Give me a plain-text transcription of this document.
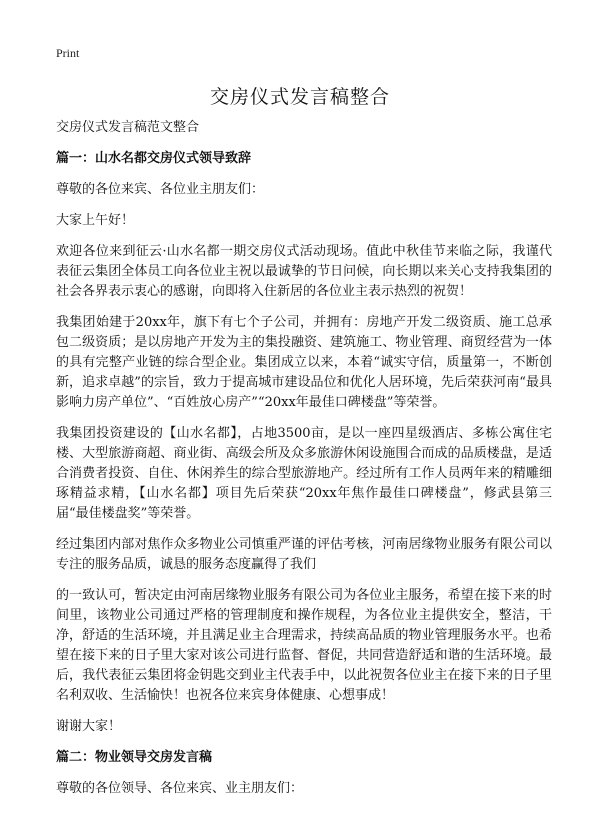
Print
交房仪式发言稿整合

交房仪式发言稿范文整合

篇一：山水名都交房仪式领导致辞

尊敬的各位来宾、各位业主朋友们：

大家上午好！

欢迎各位来到征云·山水名都一期交房仪式活动现场。值此中秋佳节来临之际，我谨代表征云集团全体员工向各位业主祝以最诚挚的节日问候，向长期以来关心支持我集团的社会各界表示衷心的感谢，向即将入住新居的各位业主表示热烈的祝贺！

我集团始建于20xx年，旗下有七个子公司，并拥有：房地产开发二级资质、施工总承包二级资质；是以房地产开发为主的集投融资、建筑施工、物业管理、商贸经营为一体的具有完整产业链的综合型企业。集团成立以来，本着“诚实守信，质量第一，不断创新，追求卓越”的宗旨，致力于提高城市建设品位和优化人居环境，先后荣获河南“最具影响力房产单位”、“百姓放心房产”“20xx年最佳口碑楼盘”等荣誉。

我集团投资建设的【山水名都】，占地3500亩，是以一座四星级酒店、多栋公寓住宅楼、大型旅游商超、商业街、高级会所及众多旅游休闲设施围合而成的品质楼盘，是适合消费者投资、自住、休闲养生的综合型旅游地产。经过所有工作人员两年来的精雕细琢精益求精，【山水名都】项目先后荣获“20xx年焦作最佳口碑楼盘”，修武县第三届“最佳楼盘奖”等荣誉。

经过集团内部对焦作众多物业公司慎重严谨的评估考核，河南居缘物业服务有限公司以专注的服务品质，诚恳的服务态度赢得了我们

的一致认可，暂决定由河南居缘物业服务有限公司为各位业主服务，希望在接下来的时间里，该物业公司通过严格的管理制度和操作规程，为各位业主提供安全，整洁，干净，舒适的生活环境，并且满足业主合理需求，持续高品质的物业管理服务水平。也希望在接下来的日子里大家对该公司进行监督、督促，共同营造舒适和谐的生活环境。最后，我代表征云集团将金钥匙交到业主代表手中，以此祝贺各位业主在接下来的日子里名利双收、生活愉快！也祝各位来宾身体健康、心想事成！

谢谢大家！

篇二：物业领导交房发言稿

尊敬的各位领导、各位来宾、业主朋友们：
